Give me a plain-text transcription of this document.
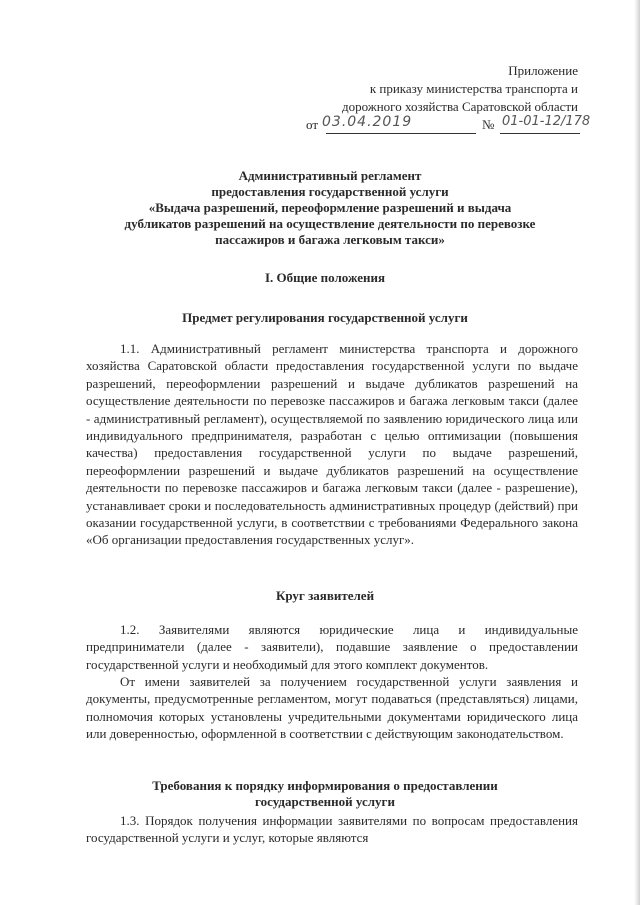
Приложение
к приказу министерства транспорта и
дорожного хозяйства Саратовской области
от 03.04.2019	№ 01-01-12/178
Административный регламент
предоставления государственной услуги
«Выдача разрешений, переоформление разрешений и выдача
дубликатов разрешений на осуществление деятельности по перевозке
пассажиров и багажа легковым такси»
I. Общие положения
Предмет регулирования государственной услуги
1.1. Административный регламент министерства транспорта и дорожного хозяйства Саратовской области предоставления государственной услуги по выдаче разрешений, переоформлении разрешений и выдаче дубликатов разрешений на осуществление деятельности по перевозке пассажиров и багажа легковым такси (далее - административный регламент), осуществляемой по заявлению юридического лица или индивидуального предпринимателя, разработан с целью оптимизации (повышения качества) предоставления государственной услуги по выдаче разрешений, переоформлении разрешений и выдаче дубликатов разрешений на осуществление деятельности по перевозке пассажиров и багажа легковым такси (далее - разрешение), устанавливает сроки и последовательность административных процедур (действий) при оказании государственной услуги, в соответствии с требованиями Федерального закона «Об организации предоставления государственных услуг».
Круг заявителей
1.2. Заявителями являются юридические лица и индивидуальные предприниматели (далее - заявители), подавшие заявление о предоставлении государственной услуги и необходимый для этого комплект документов.
От имени заявителей за получением государственной услуги заявления и документы, предусмотренные регламентом, могут подаваться (представляться) лицами, полномочия которых установлены учредительными документами юридического лица или доверенностью, оформленной в соответствии с действующим законодательством.
Требования к порядку информирования о предоставлении
государственной услуги
1.3. Порядок получения информации заявителями по вопросам предоставления государственной услуги и услуг, которые являются
